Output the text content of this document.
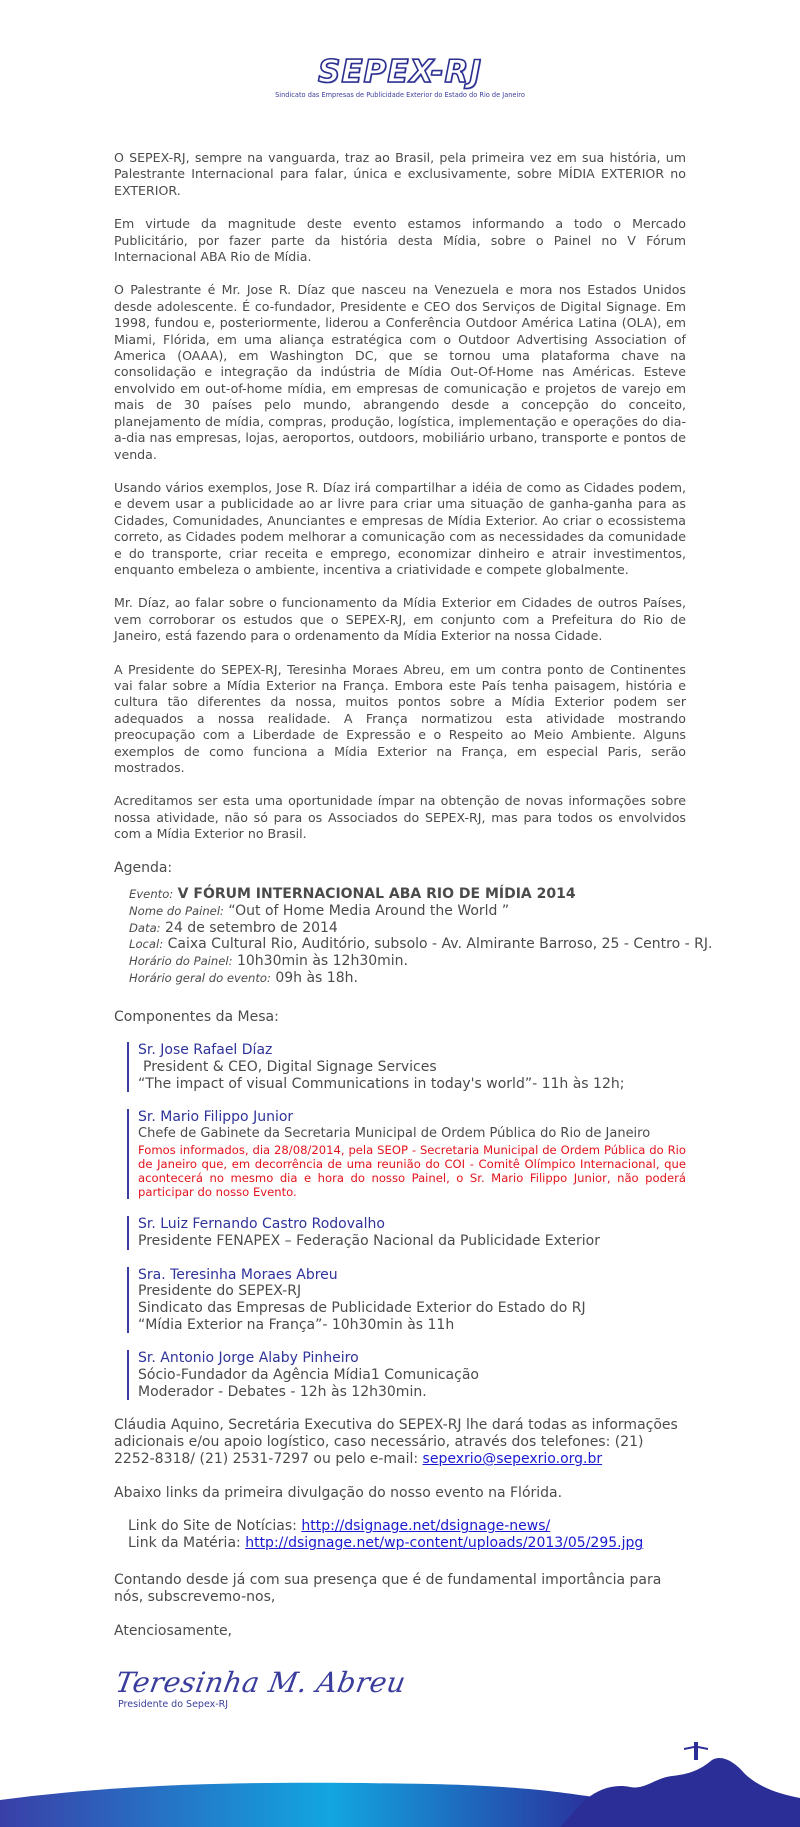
SEPEX-RJ
Sindicato das Empresas de Publicidade Exterior do Estado do Rio de Janeiro

O SEPEX-RJ, sempre na vanguarda, traz ao Brasil, pela primeira vez em sua história, um Palestrante Internacional para falar, única e exclusivamente, sobre MÍDIA EXTERIOR no EXTERIOR.

Em virtude da magnitude deste evento estamos informando a todo o Mercado Publicitário, por fazer parte da história desta Mídia, sobre o Painel no V Fórum Internacional ABA Rio de Mídia.

O Palestrante é Mr. Jose R. Díaz que nasceu na Venezuela e mora nos Estados Unidos desde adolescente. É co-fundador, Presidente e CEO dos Serviços de Digital Signage. Em 1998, fundou e, posteriormente, liderou a Conferência Outdoor América Latina (OLA), em Miami, Flórida, em uma aliança estratégica com o Outdoor Advertising Association of America (OAAA), em Washington DC, que se tornou uma plataforma chave na consolidação e integração da indústria de Mídia Out-Of-Home nas Américas. Esteve envolvido em out-of-home mídia, em empresas de comunicação e projetos de varejo em mais de 30 países pelo mundo, abrangendo desde a concepção do conceito, planejamento de mídia, compras, produção, logística, implementação e operações do dia-a-dia nas empresas, lojas, aeroportos, outdoors, mobiliário urbano, transporte e pontos de venda.

Usando vários exemplos, Jose R. Díaz irá compartilhar a idéia de como as Cidades podem, e devem usar a publicidade ao ar livre para criar uma situação de ganha-ganha para as Cidades, Comunidades, Anunciantes e empresas de Mídia Exterior. Ao criar o ecossistema correto, as Cidades podem melhorar a comunicação com as necessidades da comunidade e do transporte, criar receita e emprego, economizar dinheiro e atrair investimentos, enquanto embeleza o ambiente, incentiva a criatividade e compete globalmente.

Mr. Díaz, ao falar sobre o funcionamento da Mídia Exterior em Cidades de outros Países, vem corroborar os estudos que o SEPEX-RJ, em conjunto com a Prefeitura do Rio de Janeiro, está fazendo para o ordenamento da Mídia Exterior na nossa Cidade.

A Presidente do SEPEX-RJ, Teresinha Moraes Abreu, em um contra ponto de Continentes vai falar sobre a Mídia Exterior na França. Embora este País tenha paisagem, história e cultura tão diferentes da nossa, muitos pontos sobre a Mídia Exterior podem ser adequados a nossa realidade. A França normatizou esta atividade mostrando preocupação com a Liberdade de Expressão e o Respeito ao Meio Ambiente. Alguns exemplos de como funciona a Mídia Exterior na França, em especial Paris, serão mostrados.

Acreditamos ser esta uma oportunidade ímpar na obtenção de novas informações sobre nossa atividade, não só para os Associados do SEPEX-RJ, mas para todos os envolvidos com a Mídia Exterior no Brasil.

Agenda:
Evento: V FÓRUM INTERNACIONAL ABA RIO DE MÍDIA 2014
Nome do Painel: “Out of Home Media Around the World ”
Data: 24 de setembro de 2014
Local: Caixa Cultural Rio, Auditório, subsolo - Av. Almirante Barroso, 25 - Centro - RJ.
Horário do Painel: 10h30min às 12h30min.
Horário geral do evento: 09h às 18h.
Componentes da Mesa:
Sr. Jose Rafael Díaz
President & CEO, Digital Signage Services
“The impact of visual Communications in today's world”- 11h às 12h;
Sr. Mario Filippo Junior
Chefe de Gabinete da Secretaria Municipal de Ordem Pública do Rio de Janeiro
Fomos informados, dia 28/08/2014, pela SEOP - Secretaria Municipal de Ordem Pública do Rio de Janeiro que, em decorrência de uma reunião do COI - Comitê Olímpico Internacional, que acontecerá no mesmo dia e hora do nosso Painel, o Sr. Mario Filippo Junior, não poderá participar do nosso Evento.
Sr. Luiz Fernando Castro Rodovalho
Presidente FENAPEX – Federação Nacional da Publicidade Exterior
Sra. Teresinha Moraes Abreu
Presidente do SEPEX-RJ
Sindicato das Empresas de Publicidade Exterior do Estado do RJ
“Mídia Exterior na França”- 10h30min às 11h
Sr. Antonio Jorge Alaby Pinheiro
Sócio-Fundador da Agência Mídia1 Comunicação
Moderador - Debates - 12h às 12h30min.

Cláudia Aquino, Secretária Executiva do SEPEX-RJ lhe dará todas as informações adicionais e/ou apoio logístico, caso necessário, através dos telefones: (21) 2252-8318/ (21) 2531-7297 ou pelo e-mail: sepexrio@sepexrio.org.br

Abaixo links da primeira divulgação do nosso evento na Flórida.

Link do Site de Notícias: http://dsignage.net/dsignage-news/
Link da Matéria: http://dsignage.net/wp-content/uploads/2013/05/295.jpg

Contando desde já com sua presença que é de fundamental importância para nós, subscrevemo-nos,

Atenciosamente,

Teresinha M. Abreu
Presidente do Sepex-RJ
